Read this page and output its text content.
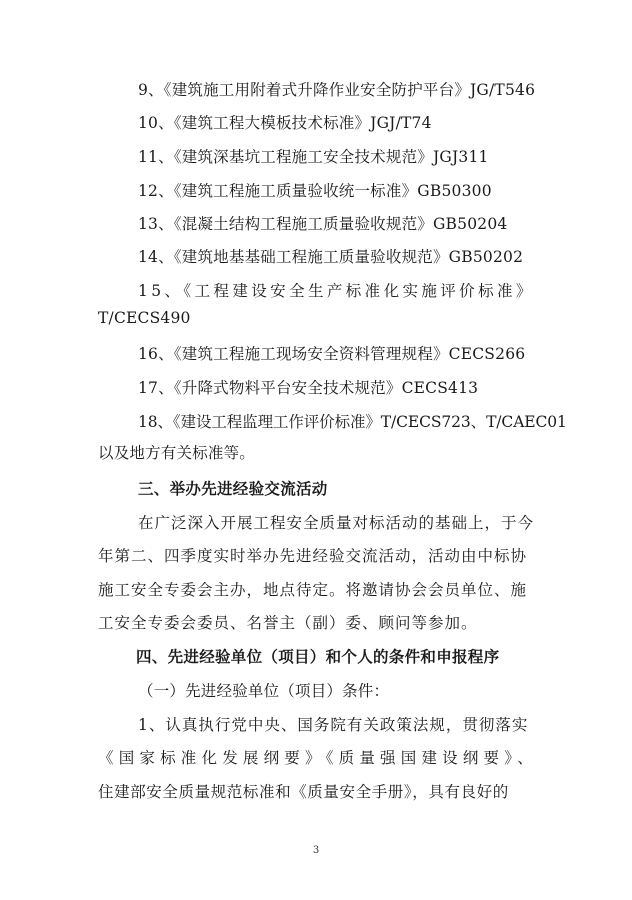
9、《建筑施工用附着式升降作业安全防护平台》JG/T546
10、《建筑工程大模板技术标准》JGJ/T74
11、《建筑深基坑工程施工安全技术规范》JGJ311
12、《建筑工程施工质量验收统一标准》GB50300
13、《混凝土结构工程施工质量验收规范》GB50204
14、《建筑地基基础工程施工质量验收规范》GB50202
15、《工程建设安全生产标准化实施评价标准》
T/CECS490
16、《建筑工程施工现场安全资料管理规程》CECS266
17、《升降式物料平台安全技术规范》CECS413
18、《建设工程监理工作评价标准》T/CECS723、T/CAEC01
以及地方有关标准等。
三、举办先进经验交流活动
在广泛深入开展工程安全质量对标活动的基础上，于今
年第二、四季度实时举办先进经验交流活动，活动由中标协
施工安全专委会主办，地点待定。将邀请协会会员单位、施
工安全专委会委员、名誉主（副）委、顾问等参加。
四、先进经验单位（项目）和个人的条件和申报程序
（一）先进经验单位（项目）条件：
1、认真执行党中央、国务院有关政策法规，贯彻落实
《国家标准化发展纲要》《质量强国建设纲要》、
住建部安全质量规范标准和《质量安全手册》，具有良好的
3
